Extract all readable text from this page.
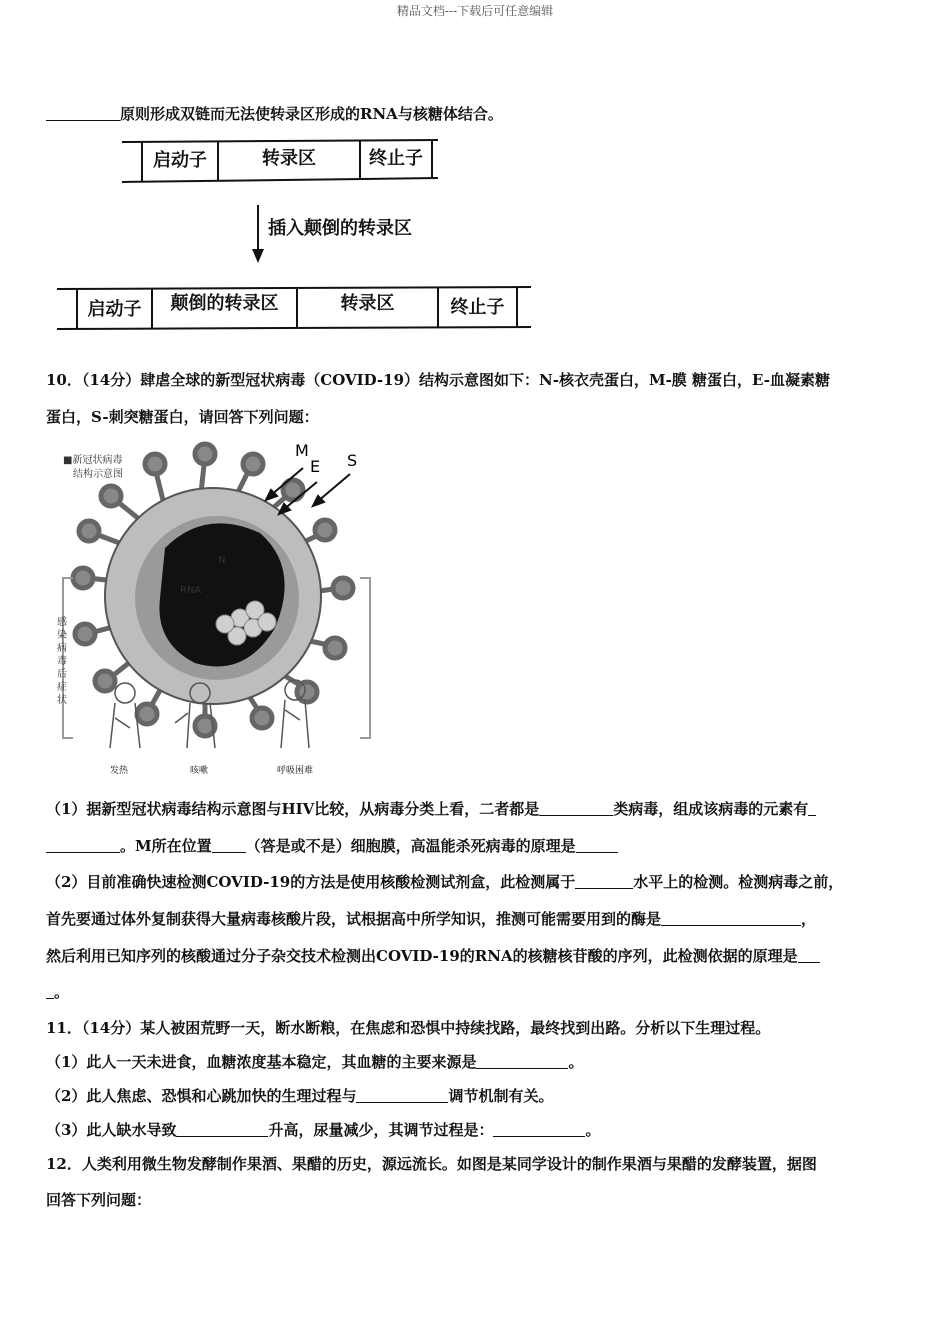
精品文档---下载后可任意编辑
原则形成双链而无法使转录区形成的RNA与核糖体结合。
启动子	转录区	终止子
插入颠倒的转录区
启动子	颠倒的转录区	转录区	终止子
10．（14分）肆虐全球的新型冠状病毒（COVID-19）结构示意图如下：N-核衣壳蛋白，M-膜 糖蛋白，E-血凝素糖
蛋白，S-刺突糖蛋白，请回答下列问题：
N
RNA
■新冠状病毒
结构示意图
M
E S
感染病毒后症状
发热	咳嗽	呼吸困难
（1）据新型冠状病毒结构示意图与HIV比较，从病毒分类上看，二者都是	类病毒，组成该病毒的元素有
。M所在位置 （答是或不是）细胞膜，高温能杀死病毒的原理是
（2）目前准确快速检测COVID-19的方法是使用核酸检测试剂盒，此检测属于	水平上的检测。检测病毒之前，
首先要通过体外复制获得大量病毒核酸片段，试根据高中所学知识，推测可能需要用到的酶是	，
然后利用已知序列的核酸通过分子杂交技术检测出COVID-19的RNA的核糖核苷酸的序列，此检测依据的原理是
。
11．（14分）某人被困荒野一天，断水断粮，在焦虑和恐惧中持续找路，最终找到出路。分析以下生理过程。
（1）此人一天未进食，血糖浓度基本稳定，其血糖的主要来源是	。
（2）此人焦虑、恐惧和心跳加快的生理过程与	调节机制有关。
（3）此人缺水导致	升高，尿量减少，其调节过程是：	。
12．人类利用微生物发酵制作果酒、果醋的历史，源远流长。如图是某同学设计的制作果酒与果醋的发酵装置，据图
回答下列问题：
